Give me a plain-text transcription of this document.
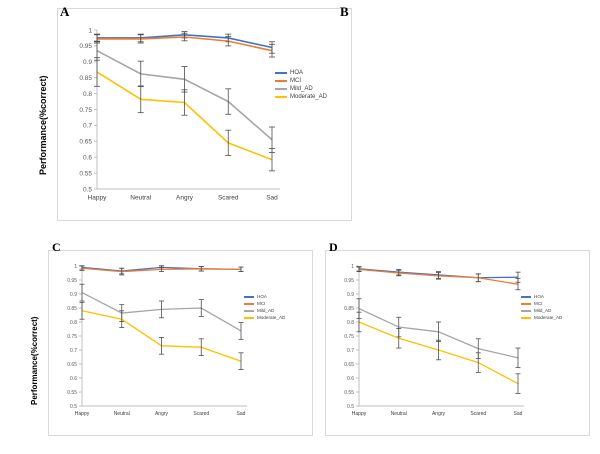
A
Performance(%correct)
0.5
0.55
0.6
0.65
0.7
0.75
0.8
0.85
0.9
0.95
1
Happy	Neutral	Angry	Scared	Sad
HOA
MCI
Mild_AD
Moderate_AD
B
C
Performance(%correct)
0.5
0.55
0.6
0.65
0.7
0.75
0.8
0.85
0.9
0.95
1
Happy	Neutral	Angry	Scared	Sad
HOA
MCI
Mild_AD
Moderate_AD
D
0.5
0.55
0.6
0.65
0.7
0.75
0.8
0.85
0.9
0.95
1
Happy	Neutral	Angry	Scared	Sad
HOA
MCI
Mild_AD
Moderate_AD
